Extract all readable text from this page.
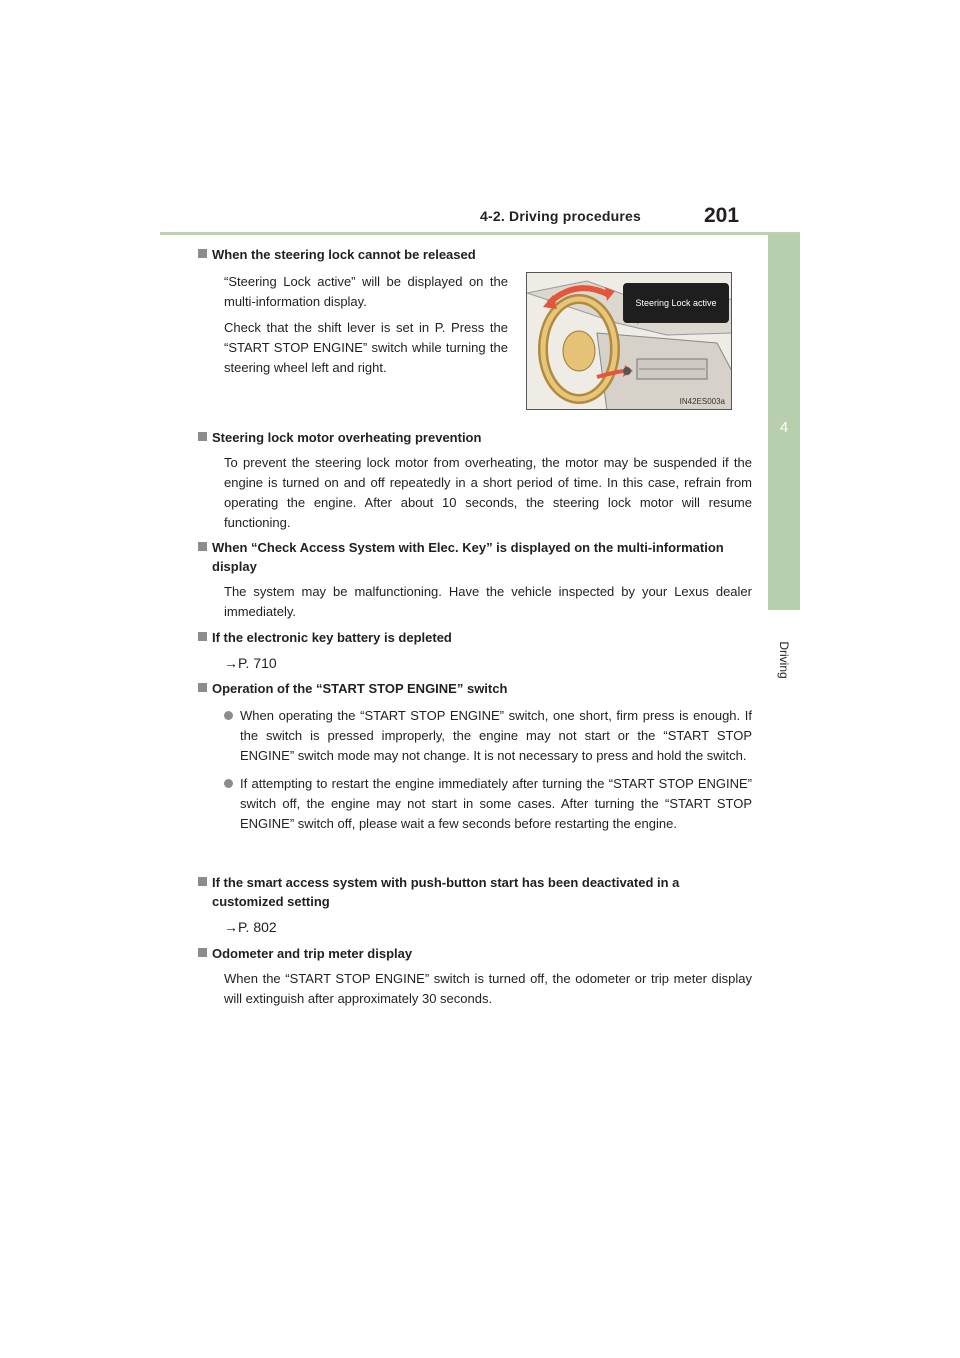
4-2. Driving procedures	201
4
Driving
When the steering lock cannot be released
“Steering Lock active” will be displayed on the multi-information display.
Check that the shift lever is set in P. Press the “START STOP ENGINE” switch while turning the steering wheel left and right.
Steering Lock active
IN42ES003a
Steering lock motor overheating prevention
To prevent the steering lock motor from overheating, the motor may be suspended if the engine is turned on and off repeatedly in a short period of time. In this case, refrain from operating the engine. After about 10 seconds, the steering lock motor will resume functioning.
When “Check Access System with Elec. Key” is displayed on the multi-information display
The system may be malfunctioning. Have the vehicle inspected by your Lexus dealer immediately.
If the electronic key battery is depleted
→P. 710
Operation of the “START STOP ENGINE” switch
When operating the “START STOP ENGINE” switch, one short, firm press is enough. If the switch is pressed improperly, the engine may not start or the “START STOP ENGINE” switch mode may not change. It is not necessary to press and hold the switch.
If attempting to restart the engine immediately after turning the “START STOP ENGINE” switch off, the engine may not start in some cases. After turning the “START STOP ENGINE” switch off, please wait a few seconds before restarting the engine.
If the smart access system with push-button start has been deactivated in a customized setting
→P. 802
Odometer and trip meter display
When the “START STOP ENGINE” switch is turned off, the odometer or trip meter display will extinguish after approximately 30 seconds.
